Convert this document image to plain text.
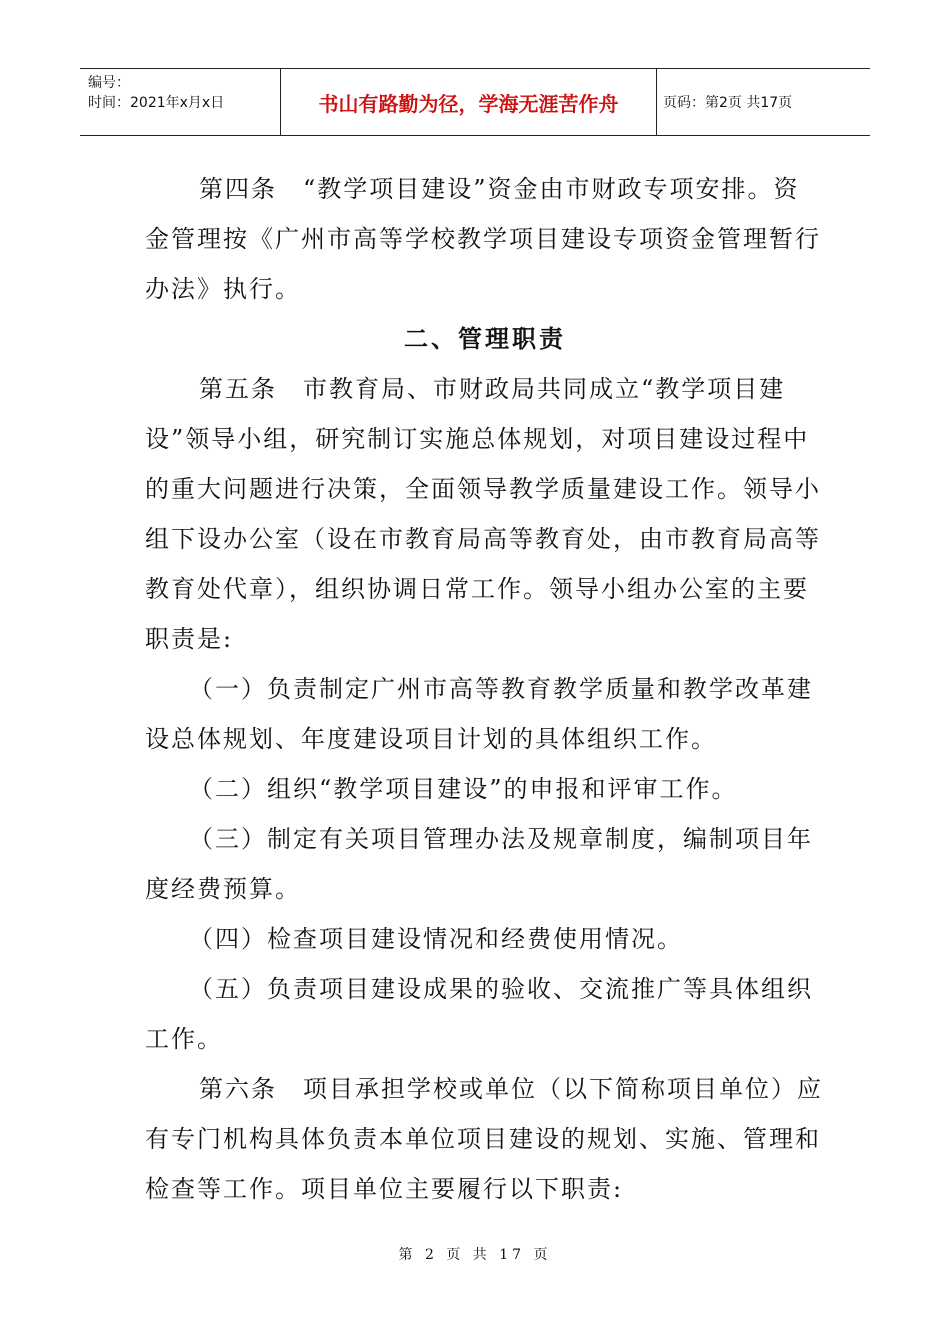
编号：
时间：2021年x月x日	书山有路勤为径，学海无涯苦作舟	页码：第2页 共17页

第四条　“教学项目建设”资金由市财政专项安排。资金管理按《广州市高等学校教学项目建设专项资金管理暂行办法》执行。

二、管理职责

第五条　市教育局、市财政局共同成立“教学项目建设”领导小组，研究制订实施总体规划，对项目建设过程中的重大问题进行决策，全面领导教学质量建设工作。领导小组下设办公室（设在市教育局高等教育处，由市教育局高等教育处代章），组织协调日常工作。领导小组办公室的主要职责是:

（一）负责制定广州市高等教育教学质量和教学改革建设总体规划、年度建设项目计划的具体组织工作。

（二）组织“教学项目建设”的申报和评审工作。

（三）制定有关项目管理办法及规章制度，编制项目年度经费预算。

（四）检查项目建设情况和经费使用情况。

（五）负责项目建设成果的验收、交流推广等具体组织工作。

第六条　项目承担学校或单位（以下简称项目单位）应有专门机构具体负责本单位项目建设的规划、实施、管理和检查等工作。项目单位主要履行以下职责:

第 2 页 共 17 页
